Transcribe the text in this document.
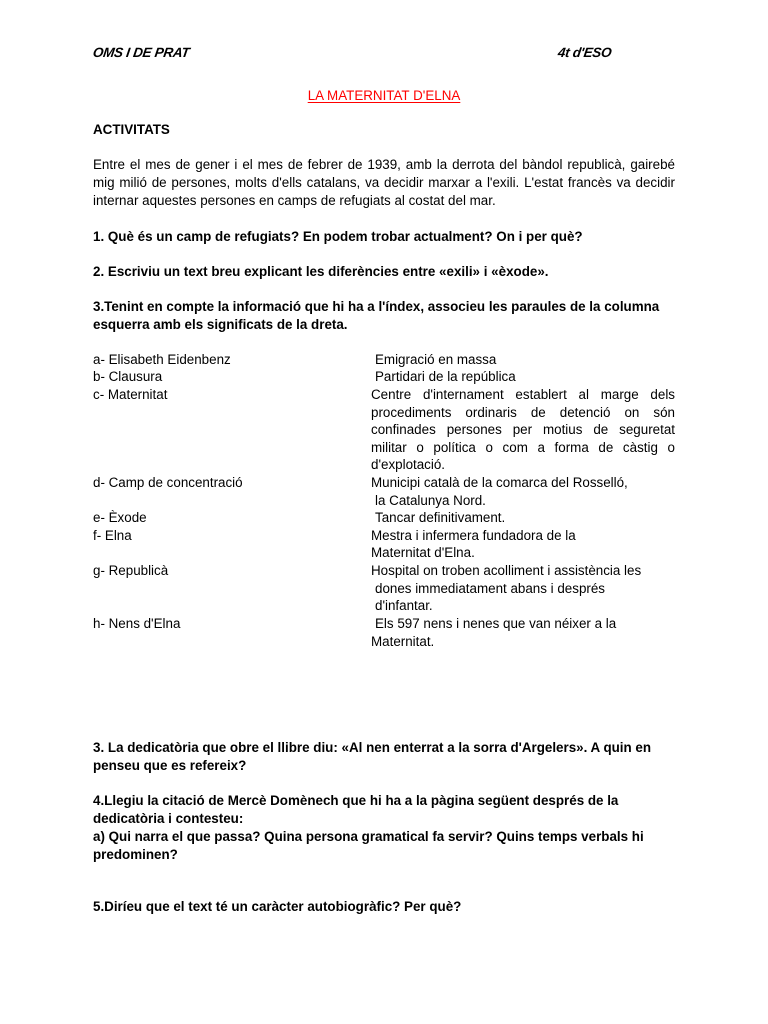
OMS I DE PRAT	4t d'ESO
LA MATERNITAT D'ELNA
ACTIVITATS
Entre el mes de gener i el mes de febrer de 1939, amb la derrota del bàndol republicà, gairebé mig milió de persones, molts d'ells catalans, va decidir marxar a l'exili. L'estat francès va decidir internar aquestes persones en camps de refugiats al costat del mar.
1. Què és un camp de refugiats? En podem trobar actualment? On i per què?
2. Escriviu un text breu explicant les diferències entre «exili» i «èxode».
3.Tenint en compte la informació que hi ha a l'índex, associeu les paraules de la columna esquerra amb els significats de la dreta.
a- Elisabeth Eidenbenz
b- Clausura
c- Maternitat
d- Camp de concentració
e- Èxode
f- Elna
g- Republicà
h- Nens d'Elna
Emigració en massa
Partidari de la república
Centre d'internament establert al marge dels procediments ordinaris de detenció on són confinades persones per motius de seguretat militar o política o com a forma de càstig o d'explotació.
Municipi català de la comarca del Rosselló,
la Catalunya Nord.
Tancar definitivament.
Mestra i infermera fundadora de la
Maternitat d'Elna.
Hospital on troben acolliment i assistència les
dones immediatament abans i després
d'infantar.
Els 597 nens i nenes que van néixer a la
Maternitat.
3. La dedicatòria que obre el llibre diu: «Al nen enterrat a la sorra d'Argelers». A quin en penseu que es refereix?
4.Llegiu la citació de Mercè Domènech que hi ha a la pàgina següent després de la dedicatòria i contesteu:
a) Qui narra el que passa? Quina persona gramatical fa servir? Quins temps verbals hi predominen?
5.Diríeu que el text té un caràcter autobiogràfic? Per què?
